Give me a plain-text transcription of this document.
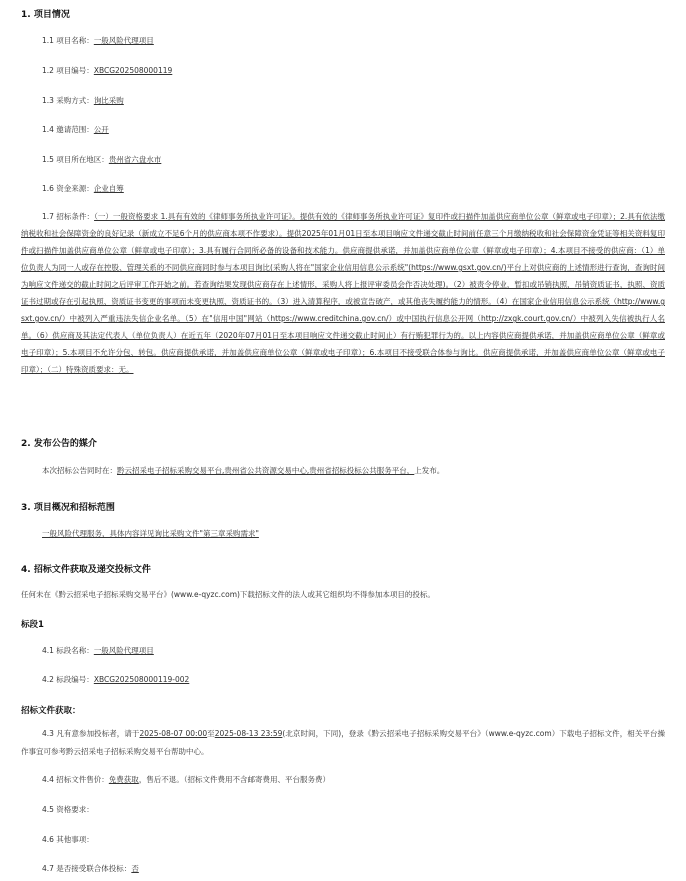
1. 项目情况
1.1 项目名称：一般风险代理项目
1.2 项目编号：XBCG202508000119
1.3 采购方式：询比采购
1.4 邀请范围：公开
1.5 项目所在地区：贵州省六盘水市
1.6 资金来源：企业自筹
1.7 招标条件：（一）一般资格要求 1.具有有效的《律师事务所执业许可证》。提供有效的《律师事务所执业许可证》复印件或扫描件加盖供应商单位公章（鲜章或电子印章）；2.具有依法缴纳税收和社会保障资金的良好记录（新成立不足6个月的供应商本项不作要求）。提供2025年01月01日至本项目响应文件递交截止时间前任意三个月缴纳税收和社会保障资金凭证等相关资料复印件或扫描件加盖供应商单位公章（鲜章或电子印章）；3.具有履行合同所必备的设备和技术能力。供应商提供承诺，并加盖供应商单位公章（鲜章或电子印章）；4.本项目不接受的供应商：（1）单位负责人为同一人或存在控股、管理关系的不同供应商同时参与本项目询比(采购人将在"国家企业信用信息公示系统"(https://www.gsxt.gov.cn/)平台上对供应商的上述情形进行查询，查询时间为响应文件递交的截止时间之后评审工作开始之前。若查询结果发现供应商存在上述情形，采购人将上报评审委员会作否决处理)。（2）被责令停业，暂扣或吊销执照，吊销资质证书，执照、资质证书过期或存在引起执照、资质证书变更的事项而未变更执照、资质证书的。（3）进入清算程序，或被宣告破产，或其他丧失履约能力的情形。（4）在国家企业信用信息公示系统（http://www.gsxt.gov.cn/）中被列入严重违法失信企业名单。（5）在"信用中国"网站（https://www.creditchina.gov.cn/）或中国执行信息公开网（http://zxgk.court.gov.cn/）中被列入失信被执行人名单。（6）供应商及其法定代表人（单位负责人）在近五年（2020年07月01日至本项目响应文件递交截止时间止）有行贿犯罪行为的。以上内容供应商提供承诺，并加盖供应商单位公章（鲜章或电子印章）；5.本项目不允许分包、转包。供应商提供承诺，并加盖供应商单位公章（鲜章或电子印章）；6.本项目不接受联合体参与询比。供应商提供承诺，并加盖供应商单位公章（鲜章或电子印章）；（二）特殊资质要求：无。
2. 发布公告的媒介
本次招标公告同时在：黔云招采电子招标采购交易平台,贵州省公共资源交易中心,贵州省招标投标公共服务平台，上发布。
3. 项目概况和招标范围
一般风险代理服务，具体内容详见询比采购文件"第三章采购需求"
4. 招标文件获取及递交投标文件
任何未在《黔云招采电子招标采购交易平台》(www.e-qyzc.com)下载招标文件的法人或其它组织均不得参加本项目的投标。
标段1
4.1 标段名称：一般风险代理项目
4.2 标段编号：XBCG202508000119-002
招标文件获取：
4.3 凡有意参加投标者，请于2025-08-07 00:00至2025-08-13 23:59(北京时间，下同)，登录《黔云招采电子招标采购交易平台》（www.e-qyzc.com）下载电子招标文件，相关平台操作事宜可参考黔云招采电子招标采购交易平台帮助中心。
4.4 招标文件售价：免费获取，售后不退。（招标文件费用不含邮寄费用、平台服务费）
4.5 资格要求：
4.6 其他事项：
4.7 是否接受联合体投标：否
